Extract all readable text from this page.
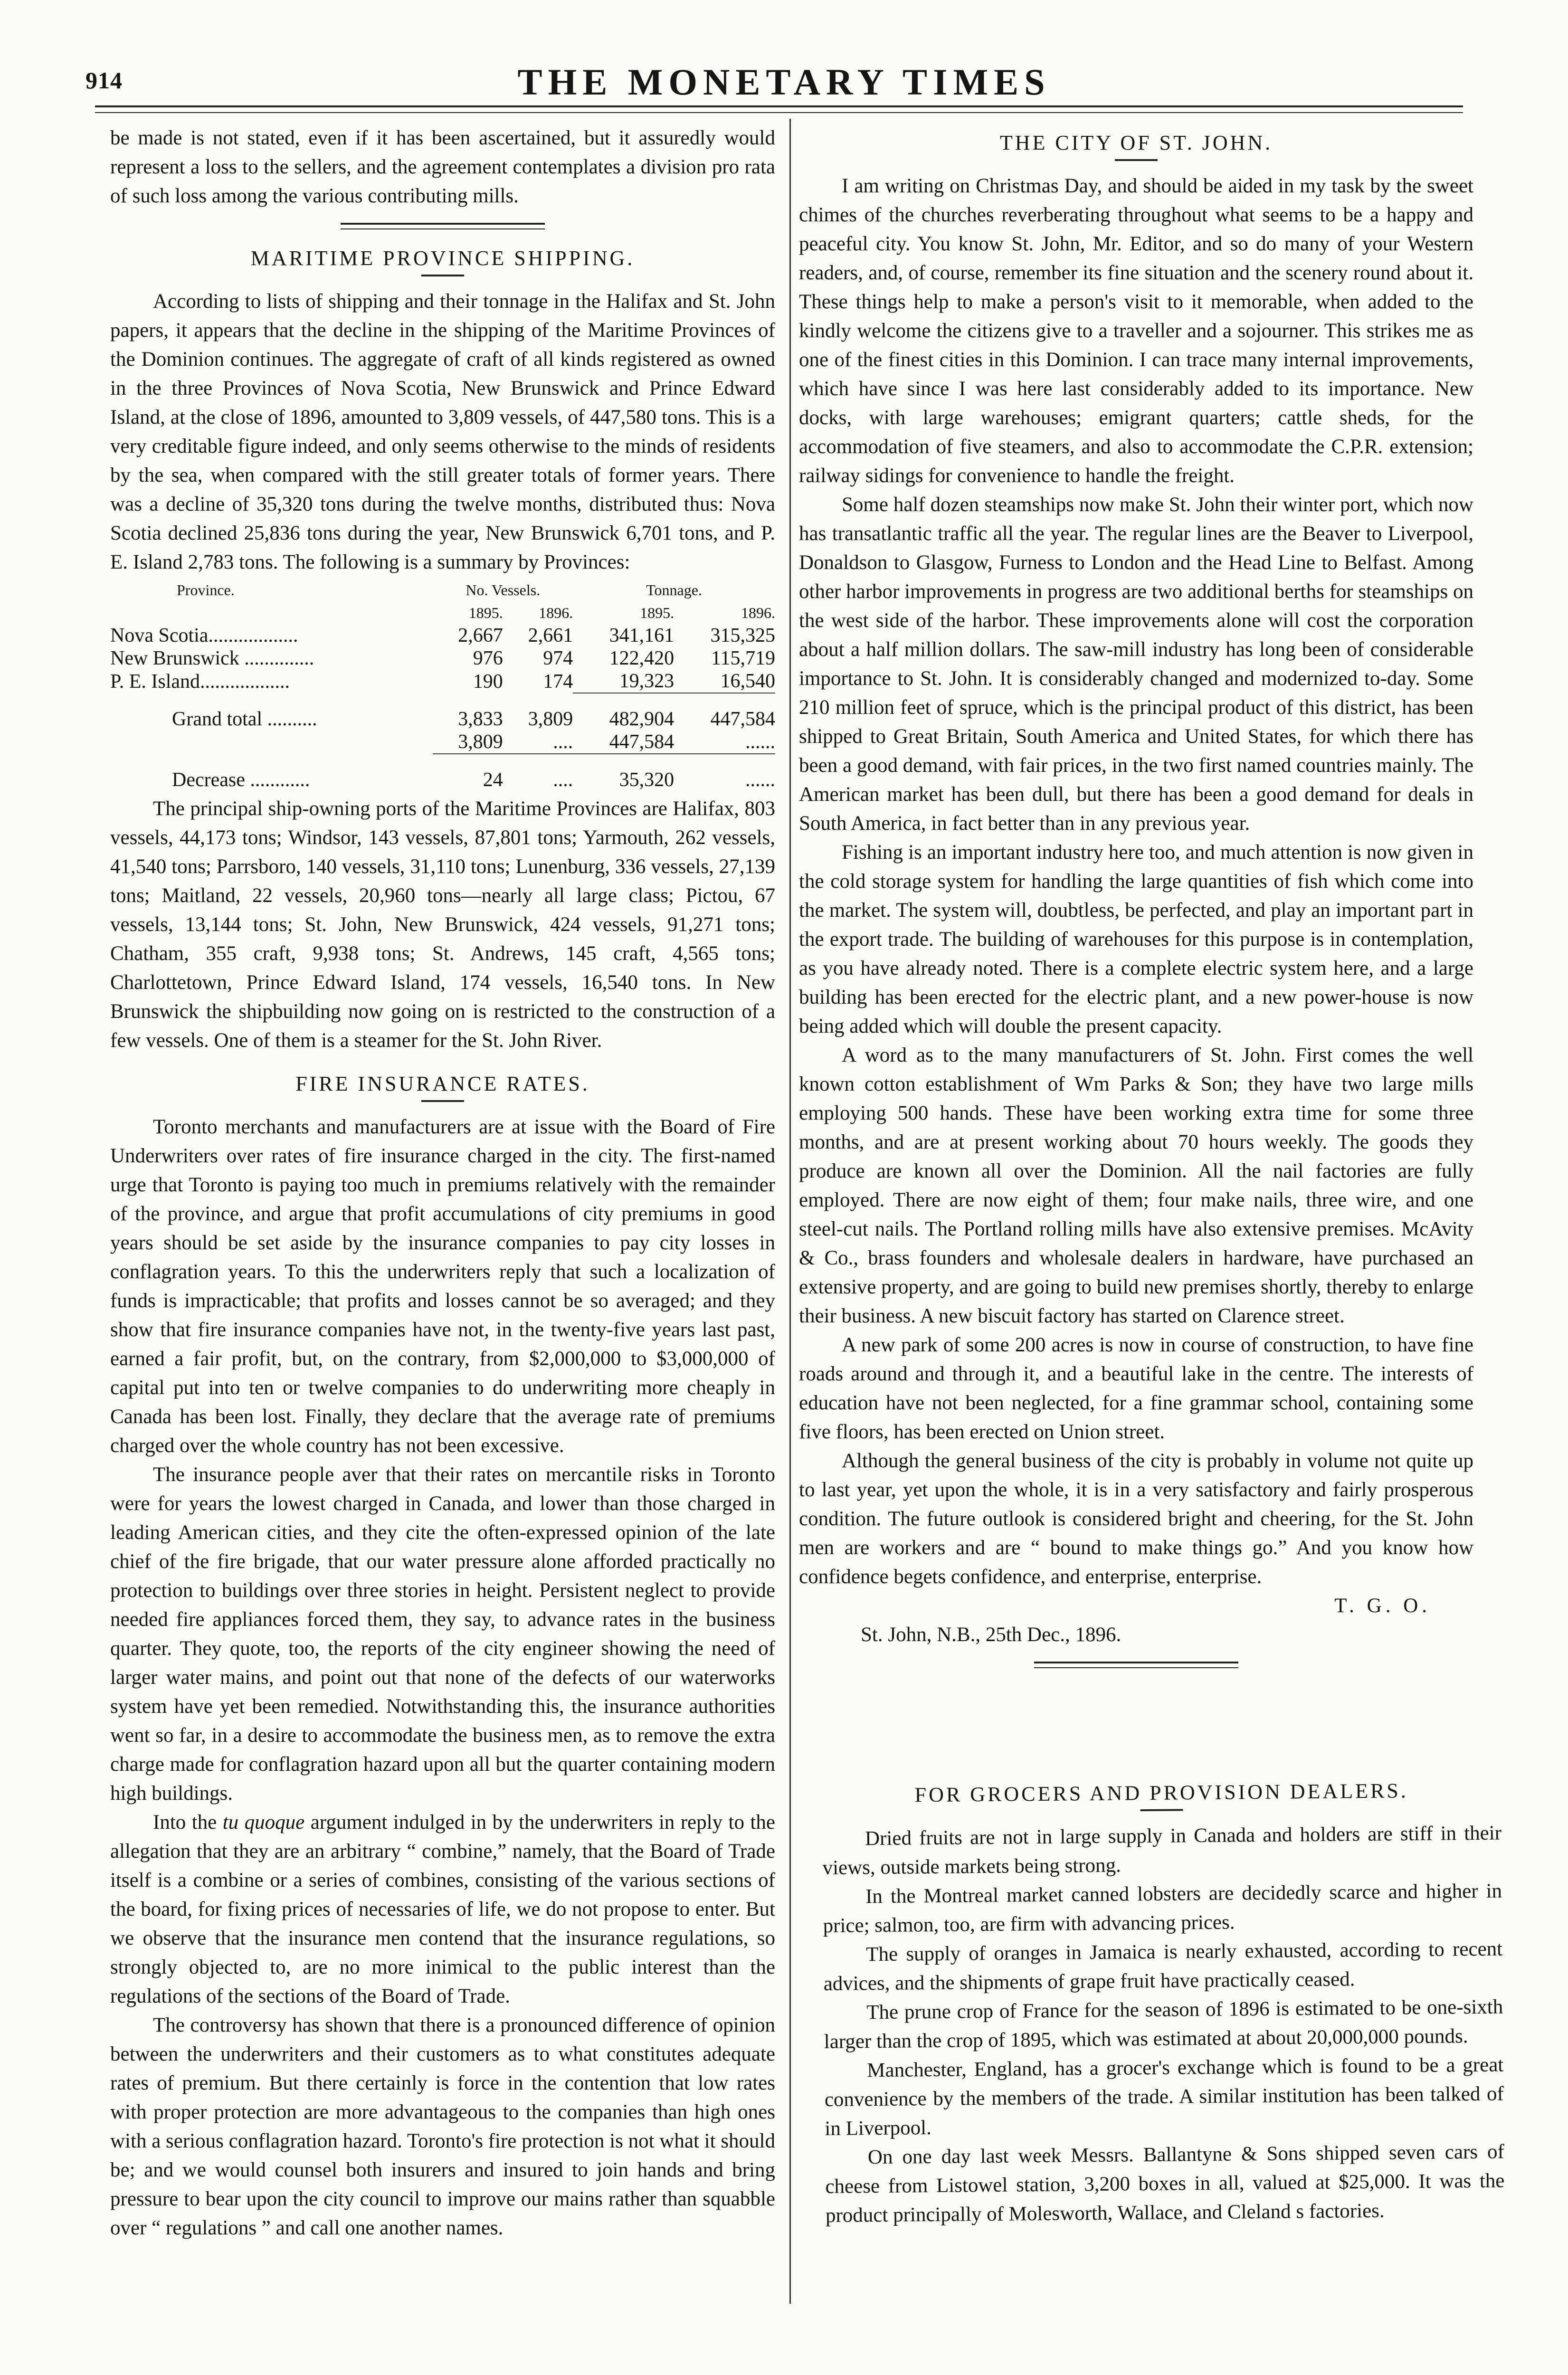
914	THE MONETARY TIMES

be made is not stated, even if it has been ascertained, but it assuredly would represent a loss to the sellers, and the agreement contemplates a division pro rata of such loss among the various contributing mills.

MARITIME PROVINCE SHIPPING.

According to lists of shipping and their tonnage in the Halifax and St. John papers, it appears that the decline in the shipping of the Maritime Provinces of the Dominion continues. The aggregate of craft of all kinds registered as owned in the three Provinces of Nova Scotia, New Brunswick and Prince Edward Island, at the close of 1896, amounted to 3,809 vessels, of 447,580 tons. This is a very creditable figure indeed, and only seems otherwise to the minds of residents by the sea, when compared with the still greater totals of former years. There was a decline of 35,320 tons during the twelve months, distributed thus: Nova Scotia declined 25,836 tons during the year, New Brunswick 6,701 tons, and P. E. Island 2,783 tons. The following is a summary by Provinces:

Province.	No. Vessels.		Tonnage.	
	1895.	1896.	1895.	1896.
Nova Scotia..................	2,667	2,661	341,161	315,325
New Brunswick ..............	976	974	122,420	115,719
P. E. Island..................	190	174	19,323	16,540

Grand total ..........	3,833	3,809	482,904	447,584
	3,809	....	447,584	......

Decrease ............	24	....	35,320	......

The principal ship-owning ports of the Maritime Provinces are Halifax, 803 vessels, 44,173 tons; Windsor, 143 vessels, 87,801 tons; Yarmouth, 262 vessels, 41,540 tons; Parrsboro, 140 vessels, 31,110 tons; Lunenburg, 336 vessels, 27,139 tons; Maitland, 22 vessels, 20,960 tons—nearly all large class; Pictou, 67 vessels, 13,144 tons; St. John, New Brunswick, 424 vessels, 91,271 tons; Chatham, 355 craft, 9,938 tons; St. Andrews, 145 craft, 4,565 tons; Charlottetown, Prince Edward Island, 174 vessels, 16,540 tons. In New Brunswick the shipbuilding now going on is restricted to the construction of a few vessels. One of them is a steamer for the St. John River.

FIRE INSURANCE RATES.

Toronto merchants and manufacturers are at issue with the Board of Fire Underwriters over rates of fire insurance charged in the city. The first-named urge that Toronto is paying too much in premiums relatively with the remainder of the province, and argue that profit accumulations of city premiums in good years should be set aside by the insurance companies to pay city losses in conflagration years. To this the underwriters reply that such a localization of funds is impracticable; that profits and losses cannot be so averaged; and they show that fire insurance companies have not, in the twenty-five years last past, earned a fair profit, but, on the contrary, from $2,000,000 to $3,000,000 of capital put into ten or twelve companies to do underwriting more cheaply in Canada has been lost. Finally, they declare that the average rate of premiums charged over the whole country has not been excessive.

The insurance people aver that their rates on mercantile risks in Toronto were for years the lowest charged in Canada, and lower than those charged in leading American cities, and they cite the often-expressed opinion of the late chief of the fire brigade, that our water pressure alone afforded practically no protection to buildings over three stories in height. Persistent neglect to provide needed fire appliances forced them, they say, to advance rates in the business quarter. They quote, too, the reports of the city engineer showing the need of larger water mains, and point out that none of the defects of our waterworks system have yet been remedied. Notwithstanding this, the insurance authorities went so far, in a desire to accommodate the business men, as to remove the extra charge made for conflagration hazard upon all but the quarter containing modern high buildings.

Into the tu quoque argument indulged in by the underwriters in reply to the allegation that they are an arbitrary “ combine,” namely, that the Board of Trade itself is a combine or a series of combines, consisting of the various sections of the board, for fixing prices of necessaries of life, we do not propose to enter. But we observe that the insurance men contend that the insurance regulations, so strongly objected to, are no more inimical to the public interest than the regulations of the sections of the Board of Trade.

The controversy has shown that there is a pronounced difference of opinion between the underwriters and their customers as to what constitutes adequate rates of premium. But there certainly is force in the contention that low rates with proper protection are more advantageous to the companies than high ones with a serious conflagration hazard. Toronto's fire protection is not what it should be; and we would counsel both insurers and insured to join hands and bring pressure to bear upon the city council to improve our mains rather than squabble over “ regulations ” and call one another names.

THE CITY OF ST. JOHN.

I am writing on Christmas Day, and should be aided in my task by the sweet chimes of the churches reverberating throughout what seems to be a happy and peaceful city. You know St. John, Mr. Editor, and so do many of your Western readers, and, of course, remember its fine situation and the scenery round about it. These things help to make a person's visit to it memorable, when added to the kindly welcome the citizens give to a traveller and a sojourner. This strikes me as one of the finest cities in this Dominion. I can trace many internal improvements, which have since I was here last considerably added to its importance. New docks, with large warehouses; emigrant quarters; cattle sheds, for the accommodation of five steamers, and also to accommodate the C.P.R. extension; railway sidings for convenience to handle the freight.

Some half dozen steamships now make St. John their winter port, which now has transatlantic traffic all the year. The regular lines are the Beaver to Liverpool, Donaldson to Glasgow, Furness to London and the Head Line to Belfast. Among other harbor improvements in progress are two additional berths for steamships on the west side of the harbor. These improvements alone will cost the corporation about a half million dollars. The saw-mill industry has long been of considerable importance to St. John. It is considerably changed and modernized to-day. Some 210 million feet of spruce, which is the principal product of this district, has been shipped to Great Britain, South America and United States, for which there has been a good demand, with fair prices, in the two first named countries mainly. The American market has been dull, but there has been a good demand for deals in South America, in fact better than in any previous year.

Fishing is an important industry here too, and much attention is now given in the cold storage system for handling the large quantities of fish which come into the market. The system will, doubtless, be perfected, and play an important part in the export trade. The building of warehouses for this purpose is in contemplation, as you have already noted. There is a complete electric system here, and a large building has been erected for the electric plant, and a new power-house is now being added which will double the present capacity.

A word as to the many manufacturers of St. John. First comes the well known cotton establishment of Wm Parks & Son; they have two large mills employing 500 hands. These have been working extra time for some three months, and are at present working about 70 hours weekly. The goods they produce are known all over the Dominion. All the nail factories are fully employed. There are now eight of them; four make nails, three wire, and one steel-cut nails. The Portland rolling mills have also extensive premises. McAvity & Co., brass founders and wholesale dealers in hardware, have purchased an extensive property, and are going to build new premises shortly, thereby to enlarge their business. A new biscuit factory has started on Clarence street.

A new park of some 200 acres is now in course of construction, to have fine roads around and through it, and a beautiful lake in the centre. The interests of education have not been neglected, for a fine grammar school, containing some five floors, has been erected on Union street.

Although the general business of the city is probably in volume not quite up to last year, yet upon the whole, it is in a very satisfactory and fairly prosperous condition. The future outlook is considered bright and cheering, for the St. John men are workers and are “ bound to make things go.” And you know how confidence begets confidence, and enterprise, enterprise.

T. G. O.
St. John, N.B., 25th Dec., 1896.
FOR GROCERS AND PROVISION DEALERS.

Dried fruits are not in large supply in Canada and holders are stiff in their views, outside markets being strong.

In the Montreal market canned lobsters are decidedly scarce and higher in price; salmon, too, are firm with advancing prices.

The supply of oranges in Jamaica is nearly exhausted, according to recent advices, and the shipments of grape fruit have practically ceased.

The prune crop of France for the season of 1896 is estimated to be one-sixth larger than the crop of 1895, which was estimated at about 20,000,000 pounds.

Manchester, England, has a grocer's exchange which is found to be a great convenience by the members of the trade. A similar institution has been talked of in Liverpool.

On one day last week Messrs. Ballantyne & Sons shipped seven cars of cheese from Listowel station, 3,200 boxes in all, valued at $25,000. It was the product principally of Molesworth, Wallace, and Cleland s factories.
